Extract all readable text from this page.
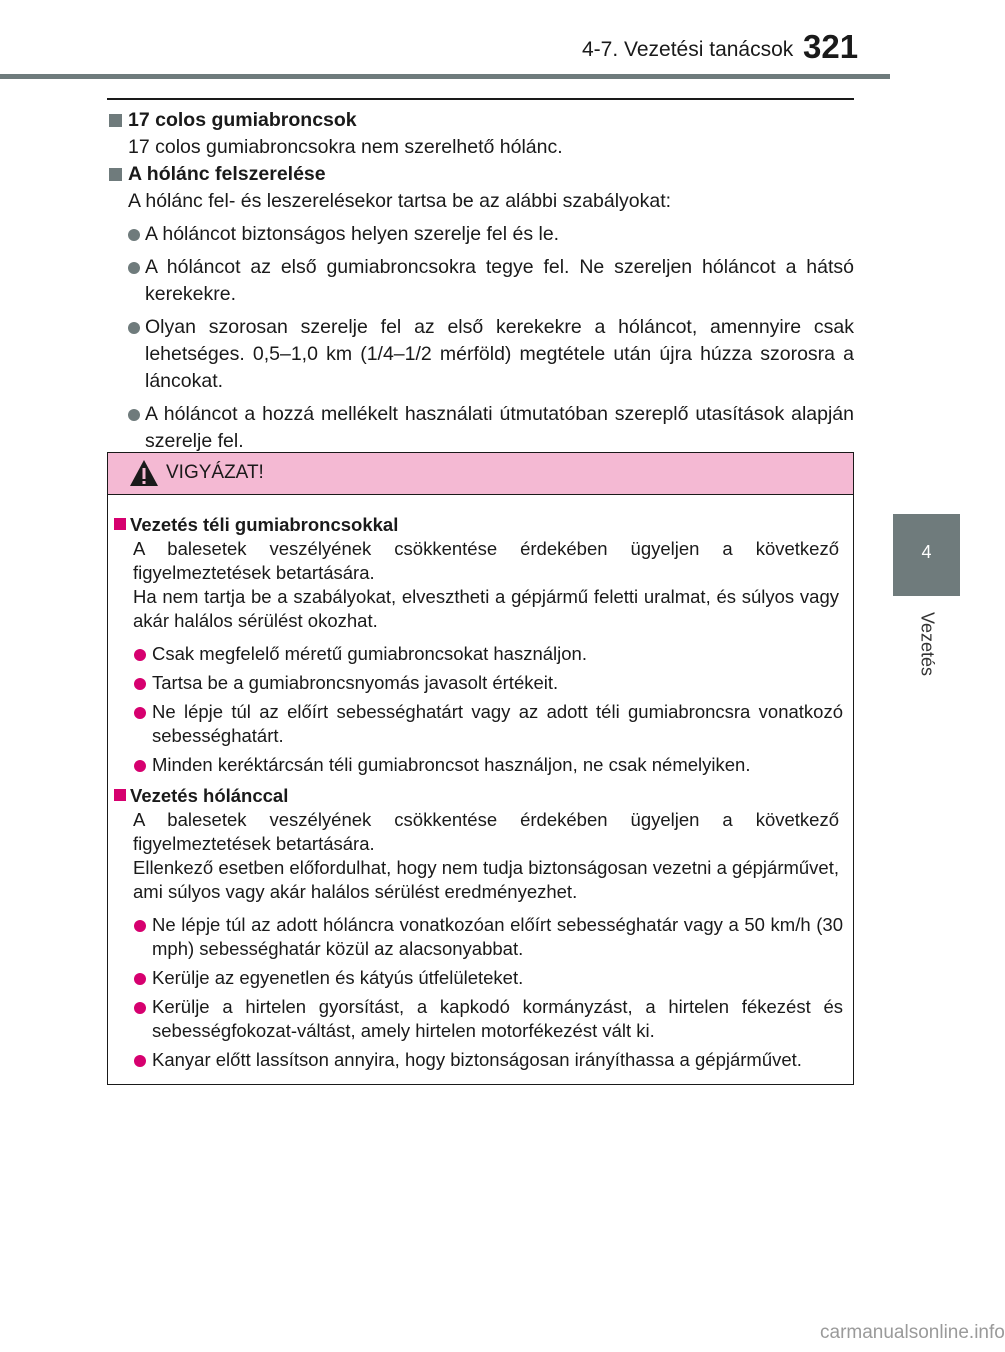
4-7. Vezetési tanácsok 321
4
Vezetés
17 colos gumiabroncsok
17 colos gumiabroncsokra nem szerelhető hólánc.
A hólánc felszerelése
A hólánc fel- és leszerelésekor tartsa be az alábbi szabályokat:
A hóláncot biztonságos helyen szerelje fel és le.
A hóláncot az első gumiabroncsokra tegye fel. Ne szereljen hóláncot a hátsó kerekekre.
Olyan szorosan szerelje fel az első kerekekre a hóláncot, amennyire csak lehetséges. 0,5–1,0 km (1/4–1/2 mérföld) megtétele után újra húzza szorosra a láncokat.
A hóláncot a hozzá mellékelt használati útmutatóban szereplő utasítások alapján szerelje fel.
VIGYÁZAT!
Vezetés téli gumiabroncsokkal
A balesetek veszélyének csökkentése érdekében ügyeljen a következő figyelmeztetések betartására.
Ha nem tartja be a szabályokat, elvesztheti a gépjármű feletti uralmat, és súlyos vagy akár halálos sérülést okozhat.
Csak megfelelő méretű gumiabroncsokat használjon.
Tartsa be a gumiabroncsnyomás javasolt értékeit.
Ne lépje túl az előírt sebességhatárt vagy az adott téli gumiabroncsra vonatkozó sebességhatárt.
Minden keréktárcsán téli gumiabroncsot használjon, ne csak némelyiken.
Vezetés hólánccal
A balesetek veszélyének csökkentése érdekében ügyeljen a következő figyelmeztetések betartására.
Ellenkező esetben előfordulhat, hogy nem tudja biztonságosan vezetni a gépjárművet, ami súlyos vagy akár halálos sérülést eredményezhet.
Ne lépje túl az adott hóláncra vonatkozóan előírt sebességhatár vagy a 50 km/h (30 mph) sebességhatár közül az alacsonyabbat.
Kerülje az egyenetlen és kátyús útfelületeket.
Kerülje a hirtelen gyorsítást, a kapkodó kormányzást, a hirtelen fékezést és sebességfokozat-váltást, amely hirtelen motorfékezést vált ki.
Kanyar előtt lassítson annyira, hogy biztonságosan irányíthassa a gépjárművet.
carmanualsonline.info
